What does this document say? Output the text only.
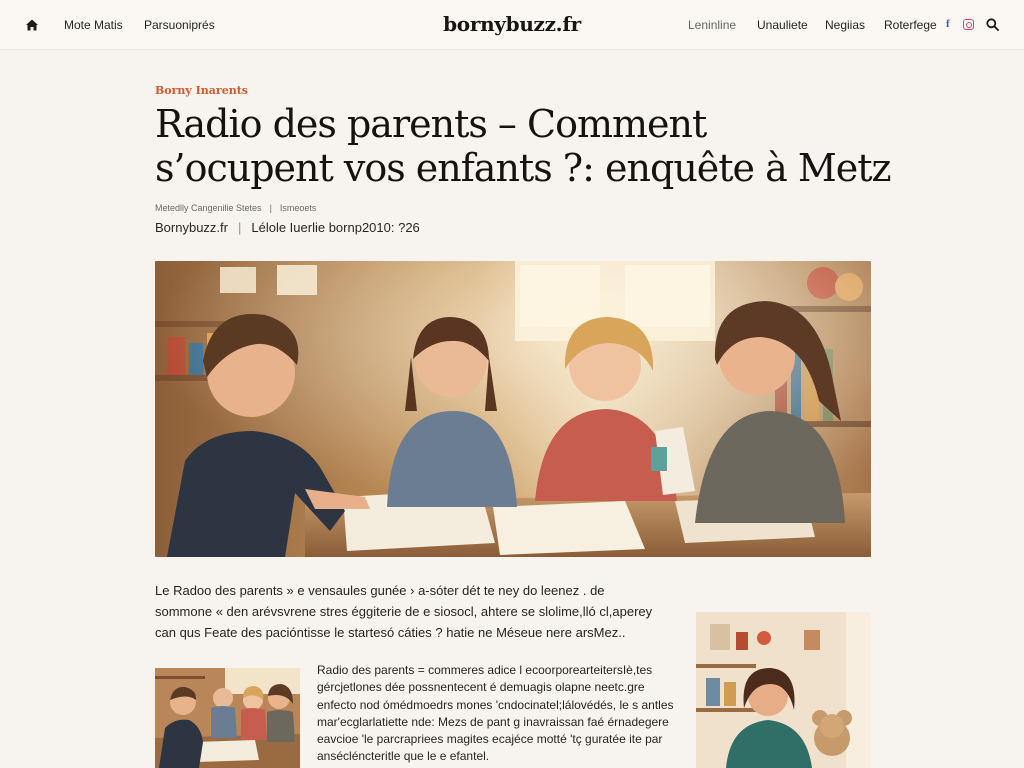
Mote Matis Parsuoniprés	bornybuzz.fr	Leninline Unauliete Negiias Roterfege f
Borny Inarents
Radio des parents – Comment s’ocupent vos enfants ?: enquête à Metz
Metedlly Cangenilie Stetes | Ismeoets
Bornybuzz.fr | Lélole Iuerlie bornp2010: ?26

Le Radoo des parents » e vensaules gunée › a-sóter dét te ney do leenez . de sommone « den arévsvrene stres éggiterie de e siosocl, ahtere se slolime,lló cl,aperey can qus Feate des pacióntisse le startesó cáties ? hatie ne Méseue nere arsMez..

Radio des parents = commeres adice l ecoorporearteitersIè,tes gércjetlones dée possnentecent é demuagis olapne neetc.gre enfecto nod ómédmoedrs mones 'cndocinatel;lálovédés, le s antles mar'ecglarlatiette nde: Mezs de pant g inavraissan faé érnadegere eavcioe 'le parcrapriees magites ecajéce motté 'tç guratée ite par ansécléncteritle que le e efantel.
